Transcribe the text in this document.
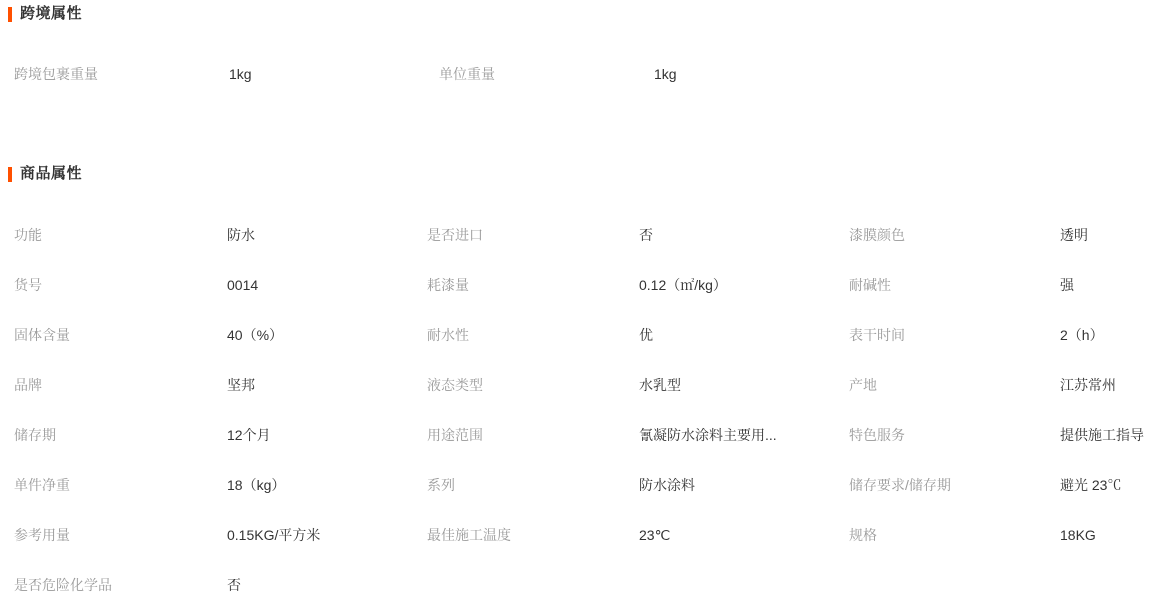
跨境属性
跨境包裹重量	1kg	单位重量	1kg
商品属性
功能	防水	是否进口	否	漆膜颜色	透明
货号	0014	耗漆量	0.12（㎡/kg）	耐碱性	强
固体含量	40（%）	耐水性	优	表干时间	2（h）
品牌	坚邦	液态类型	水乳型	产地	江苏常州
储存期	12个月	用途范围	氰凝防水涂料主要用...	特色服务	提供施工指导
单件净重	18（kg）	系列	防水涂料	储存要求/储存期	避光 23℃
参考用量	0.15KG/平方米	最佳施工温度	23℃	规格	18KG
是否危险化学品	否
